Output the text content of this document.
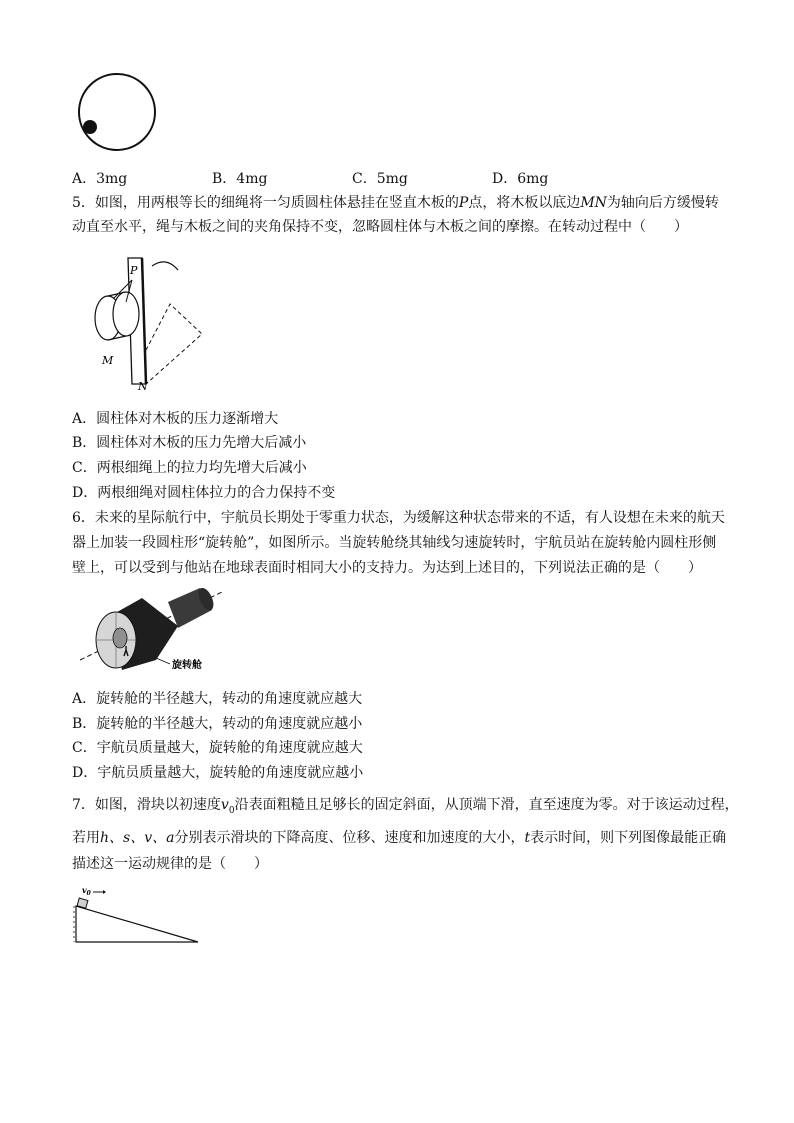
A．3mg	B．4mg	C．5mg	D．6mg
5．如图，用两根等长的细绳将一匀质圆柱体悬挂在竖直木板的P点，将木板以底边MN为轴向后方缓慢转
动直至水平，绳与木板之间的夹角保持不变，忽略圆柱体与木板之间的摩擦。在转动过程中（　　）
P
M
N
A．圆柱体对木板的压力逐渐增大
B．圆柱体对木板的压力先增大后减小
C．两根细绳上的拉力均先增大后减小
D．两根细绳对圆柱体拉力的合力保持不变
6．未来的星际航行中，宇航员长期处于零重力状态，为缓解这种状态带来的不适，有人设想在未来的航天
器上加装一段圆柱形“旋转舱”，如图所示。当旋转舱绕其轴线匀速旋转时，宇航员站在旋转舱内圆柱形侧
壁上，可以受到与他站在地球表面时相同大小的支持力。为达到上述目的，下列说法正确的是（　　）
旋转舱
A．旋转舱的半径越大，转动的角速度就应越大
B．旋转舱的半径越大，转动的角速度就应越小
C．宇航员质量越大，旋转舱的角速度就应越大
D．宇航员质量越大，旋转舱的角速度就应越小
7．如图，滑块以初速度$v_0$沿表面粗糙且足够长的固定斜面，从顶端下滑，直至速度为零。对于该运动过程，
若用h、s、v、a分别表示滑块的下降高度、位移、速度和加速度的大小，t表示时间，则下列图像最能正确
描述这一运动规律的是（　　）
$v_0$
